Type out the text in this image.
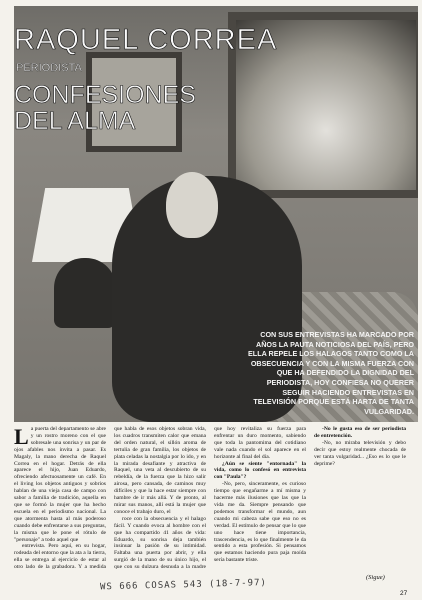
RAQUEL CORREA

PERIODISTA

CONFESIONES
DEL ALMA

CON SUS ENTREVISTAS HA MARCADO POR AÑOS LA PAUTA NOTICIOSA DEL PAÍS, PERO ELLA REPELE LOS HALAGOS TANTO COMO LA OBSECUENCIA Y CON LA MISMA FUERZA CON QUE HA DEFENDIDO LA DIGNIDAD DEL PERIODISTA, HOY CONFIESA NO QUERER SEGUIR HACIENDO ENTREVISTAS EN TELEVISIÓN PORQUE ESTÁ HARTA DE TANTA VULGARIDAD.

La puerta del departamento se abre y un rostro moreno con el que sobresale una sonrisa y un par de ojos afables nos invita a pasar. Es Magaly, la mano derecha de Raquel Correa en el hogar. Detrás de ella aparece el hijo, Juan Eduardo, ofreciendo afectuosamente un café. En el living los objetos antiguos y sobrios hablan de una vieja casa de campo con sabor a familia de tradición, aquella en que se formó la mujer que ha hecho escuela en el periodismo nacional. La que atormenta hasta al más poderoso cuando debe enfrentarse a sus preguntas, la misma que le pone el rótulo de "personaje" a todo aquel que

entrevista. Pero aquí, en su hogar, rodeada del entorno que la ata a la tierra, ella se entrega al ejercicio de estar al otro lado de la grabadora. Y a medida que habla de esos objetos sobran vida, los cuadros transmiten calor que emana del orden natural, el sillón aroma de tertulia de gran familia, los objetos de plata celadas la nostalgia por lo ido, y en la mirada desafiante y atractiva de Raquel, una veta al descubierto de su rebeldía, de la fuerza que la hizo salir airosa, pero cansada, de caminos muy difíciles y que la hace estar siempre con hambre de ir más allá. Y de pronto, al mirar sus manos, allí está la mujer que conoce el trabajo duro, el

roce con la obsecuencia y el halago fácil. Y cuando evoca al hombre con el que ha compartido 41 años de vida: Eduardo, su sonrisa deja también insinuar la pasión de su intimidad. Faltaba una puerta por abrir, y ella surgió de la mano de su único hijo, el que con su dulzura desnuda a la madre que hoy revitaliza su fuerza para enfrentar un duro momento, sabiendo que toda la pantomima del cotidiano vale nada cuando el sol aparece en el horizonte al final del día.

¿Aún se siente "entornada" la vida, como lo confesó en entrevista con "Paula"?

-No, pero, sinceramente, es curioso tiempo que engañarme a mí misma y hacerme más ilusiones que las que la vida me da. Siempre pensando que podemos transformar el mundo, aun cuando mi cabeza sabe que eso no es verdad. El estímulo de pensar que lo que uno hace tiene importancia, trascendencia, es lo que finalmente le da sentido a esta profesión. Si pensamos que estamos haciendo pura paja moída sería bastante triste.

-No le gusta eso de ser periodista de entretención.

-No, no miraba televisión y debo decir que estoy realmente chocada de ver tanta vulgaridad... ¿Eso es lo que le deprime?

(Sigue)

27

WS 666 COSAS 543 (18-7-97)
